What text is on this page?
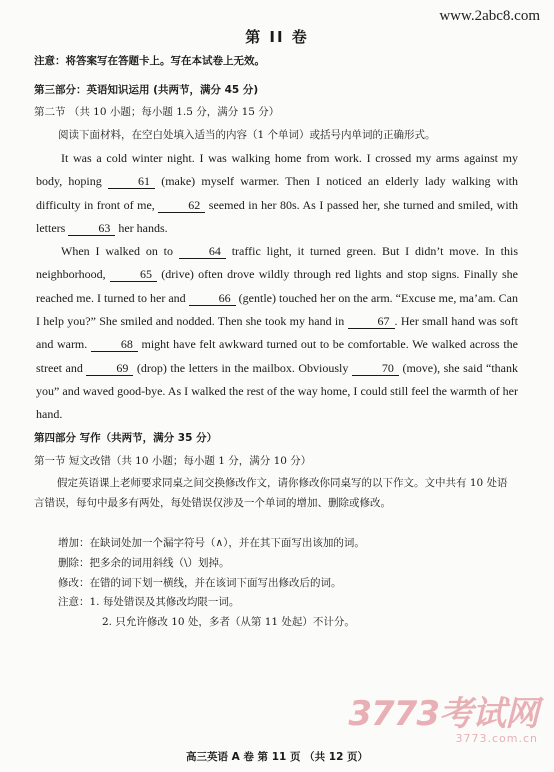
www.2abc8.com
第 II 卷
注意：将答案写在答题卡上。写在本试卷上无效。
第三部分：英语知识运用 (共两节，满分 45 分)
第二节 （共 10 小题；每小题 1.5 分，满分 15 分）
阅读下面材料，在空白处填入适当的内容（1 个单词）或括号内单词的正确形式。

It was a cold winter night. I was walking home from work. I crossed my arms against my body, hoping	61 (make) myself warmer. Then I noticed an elderly lady walking with difficulty in front of me,	62 seemed in her 80s. As I passed her, she turned and smiled, with letters	63 her hands.

When I walked on to	64 traffic light, it turned green. But I didn’t move. In this neighborhood,	65 (drive) often drove wildly through red lights and stop signs. Finally she reached me. I turned to her and	66 (gentle) touched her on the arm. “Excuse me, ma’am. Can I help you?” She smiled and nodded. Then she took my hand in	67 . Her small hand was soft and warm.	68 might have felt awkward turned out to be comfortable. We walked across the street and	69 (drop) the letters in the mailbox. Obviously	70 (move), she said “thank you” and waved good-bye. As I walked the rest of the way home, I could still feel the warmth of her hand.

第四部分 写作（共两节，满分 35 分）
第一节 短文改错（共 10 小题；每小题 1 分，满分 10 分）
假定英语课上老师要求同桌之间交换修改作文，请你修改你同桌写的以下作文。文中共有 10 处语言错误，每句中最多有两处，每处错误仅涉及一个单词的增加、删除或修改。
增加：在缺词处加一个漏字符号（∧），并在其下面写出该加的词。
删除：把多余的词用斜线（\）划掉。
修改：在错的词下划一横线，并在该词下面写出修改后的词。
注意：1. 每处错误及其修改均限一词。
2. 只允许修改 10 处，多者（从第 11 处起）不计分。
3773考试网
3773.com.cn
高三英语 A 卷 第 11 页 （共 12 页）
